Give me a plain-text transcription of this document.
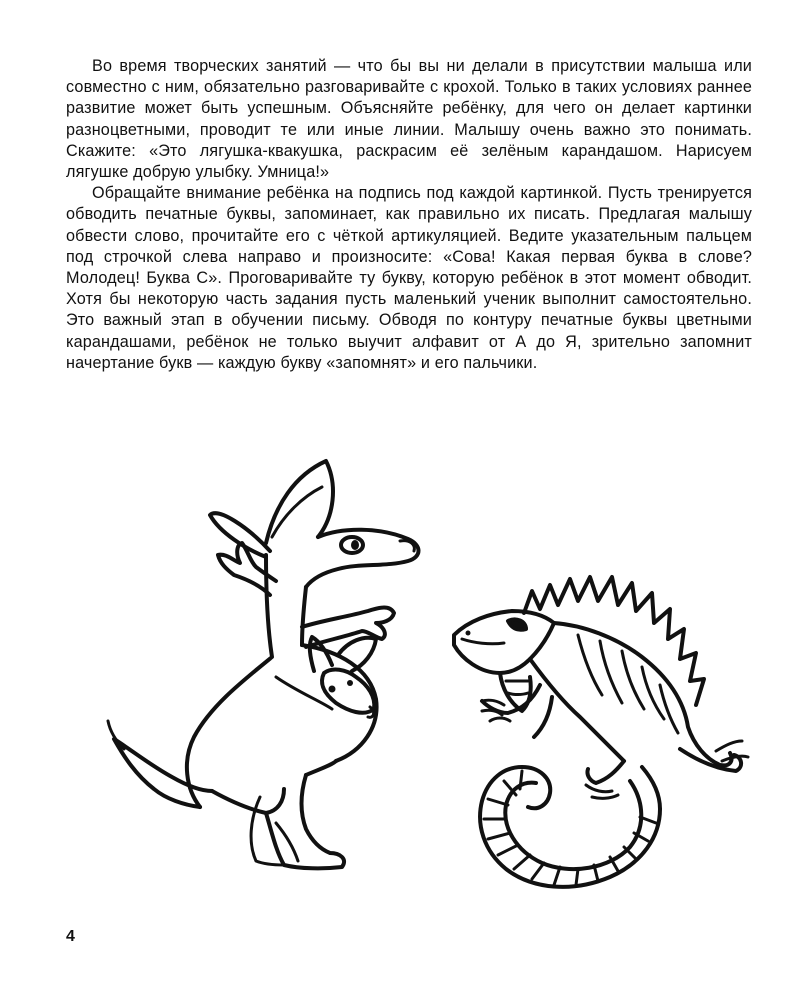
Во время творческих занятий — что бы вы ни делали в присутствии малыша или совместно с ним, обязательно разговаривайте с крохой. Только в таких условиях раннее развитие может быть успешным. Объясняйте ребёнку, для чего он делает картинки разноцветными, проводит те или иные линии. Малышу очень важно это понимать. Скажите: «Это лягушка-квакушка, раскрасим её зелёным карандашом. Нарисуем лягушке добрую улыбку. Умница!»

Обращайте внимание ребёнка на подпись под каждой картинкой. Пусть тренируется обводить печатные буквы, запоминает, как правильно их писать. Предлагая малышу обвести слово, прочитайте его с чёткой артикуляцией. Ведите указательным пальцем под строчкой слева направо и произносите: «Сова! Какая первая буква в слове? Молодец! Буква С». Проговаривайте ту букву, которую ребёнок в этот момент обводит. Хотя бы некоторую часть задания пусть маленький ученик выполнит самостоятельно. Это важный этап в обучении письму. Обводя по контуру печатные буквы цветными карандашами, ребёнок не только выучит алфавит от А до Я, зрительно запомнит начертание букв — каждую букву «запомнят» и его пальчики.

4
